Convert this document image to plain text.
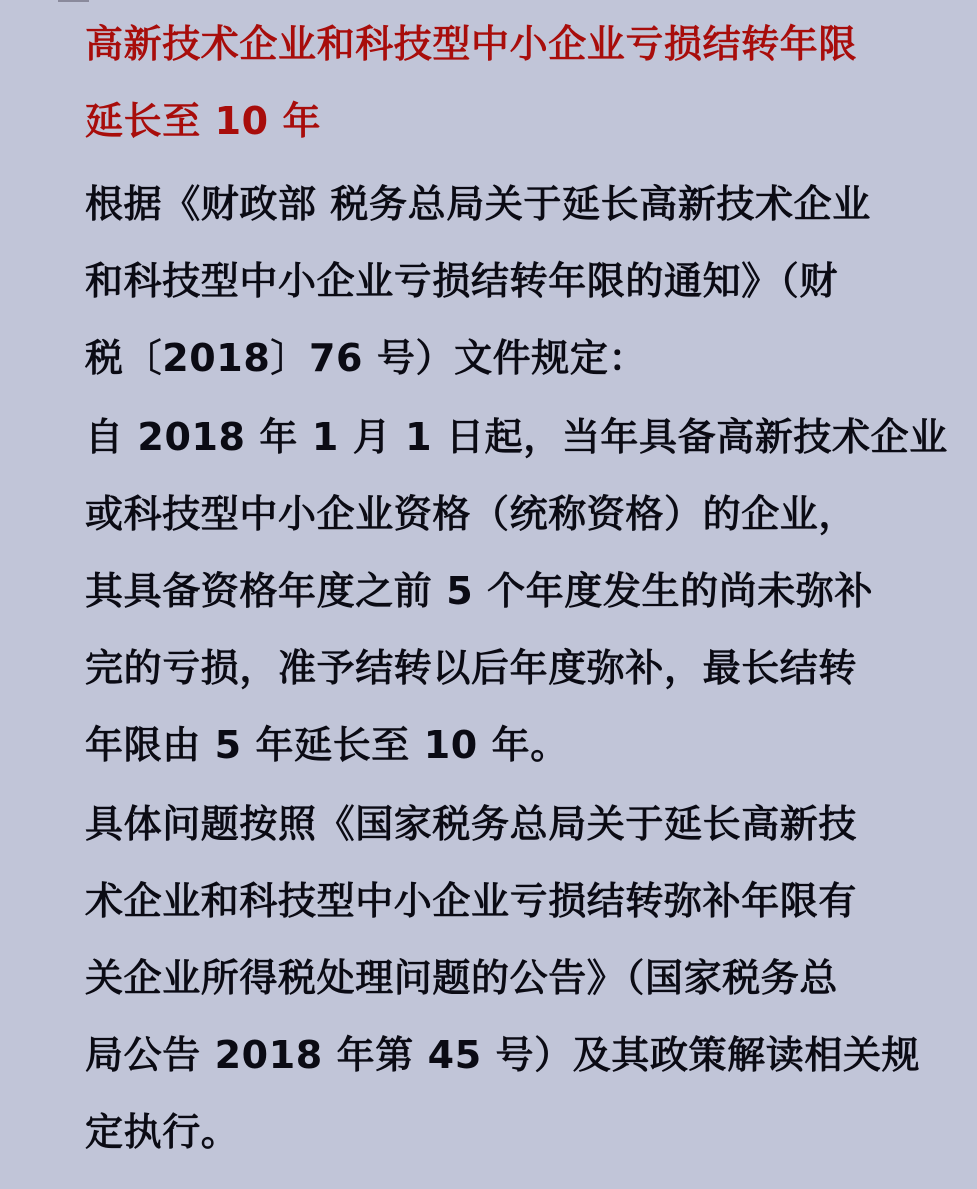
高新技术企业和科技型中小企业亏损结转年限
延长至 10 年
根据《财政部 税务总局关于延长高新技术企业
和科技型中小企业亏损结转年限的通知》（财
税〔2018〕76 号）文件规定：
自 2018 年 1 月 1 日起，当年具备高新技术企业
或科技型中小企业资格（统称资格）的企业，
其具备资格年度之前 5 个年度发生的尚未弥补
完的亏损，准予结转以后年度弥补，最长结转
年限由 5 年延长至 10 年。
具体问题按照《国家税务总局关于延长高新技
术企业和科技型中小企业亏损结转弥补年限有
关企业所得税处理问题的公告》（国家税务总
局公告 2018 年第 45 号）及其政策解读相关规
定执行。
